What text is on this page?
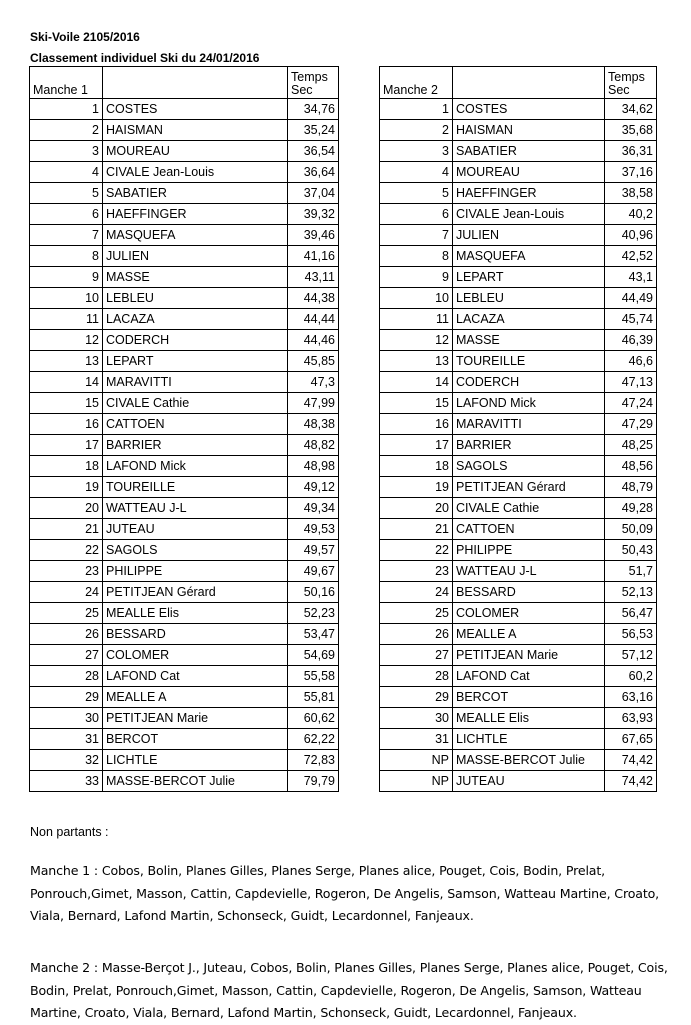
Ski-Voile 2105/2016
Classement individuel Ski du 24/01/2016
Manche 1		Temps
Sec
1	COSTES	34,76
2	HAISMAN	35,24
3	MOUREAU	36,54
4	CIVALE Jean-Louis	36,64
5	SABATIER	37,04
6	HAEFFINGER	39,32
7	MASQUEFA	39,46
8	JULIEN	41,16
9	MASSE	43,11
10	LEBLEU	44,38
11	LACAZA	44,44
12	CODERCH	44,46
13	LEPART	45,85
14	MARAVITTI	47,3
15	CIVALE Cathie	47,99
16	CATTOEN	48,38
17	BARRIER	48,82
18	LAFOND Mick	48,98
19	TOUREILLE	49,12
20	WATTEAU J-L	49,34
21	JUTEAU	49,53
22	SAGOLS	49,57
23	PHILIPPE	49,67
24	PETITJEAN Gérard	50,16
25	MEALLE Elis	52,23
26	BESSARD	53,47
27	COLOMER	54,69
28	LAFOND Cat	55,58
29	MEALLE A	55,81
30	PETITJEAN Marie	60,62
31	BERCOT	62,22
32	LICHTLE	72,83
33	MASSE-BERCOT Julie	79,79
Manche 2		Temps
Sec
1	COSTES	34,62
2	HAISMAN	35,68
3	SABATIER	36,31
4	MOUREAU	37,16
5	HAEFFINGER	38,58
6	CIVALE Jean-Louis	40,2
7	JULIEN	40,96
8	MASQUEFA	42,52
9	LEPART	43,1
10	LEBLEU	44,49
11	LACAZA	45,74
12	MASSE	46,39
13	TOUREILLE	46,6
14	CODERCH	47,13
15	LAFOND Mick	47,24
16	MARAVITTI	47,29
17	BARRIER	48,25
18	SAGOLS	48,56
19	PETITJEAN Gérard	48,79
20	CIVALE Cathie	49,28
21	CATTOEN	50,09
22	PHILIPPE	50,43
23	WATTEAU J-L	51,7
24	BESSARD	52,13
25	COLOMER	56,47
26	MEALLE A	56,53
27	PETITJEAN Marie	57,12
28	LAFOND Cat	60,2
29	BERCOT	63,16
30	MEALLE Elis	63,93
31	LICHTLE	67,65
NP	MASSE-BERCOT Julie	74,42
NP	JUTEAU	74,42
Non partants :
Manche 1 : Cobos, Bolin, Planes Gilles, Planes Serge, Planes alice, Pouget, Cois, Bodin, Prelat, Ponrouch,Gimet, Masson, Cattin, Capdevielle, Rogeron, De Angelis, Samson, Watteau Martine, Croato, Viala, Bernard, Lafond Martin, Schonseck, Guidt, Lecardonnel, Fanjeaux.
Manche 2 : Masse-Berçot J., Juteau, Cobos, Bolin, Planes Gilles, Planes Serge, Planes alice, Pouget, Cois, Bodin, Prelat, Ponrouch,Gimet, Masson, Cattin, Capdevielle, Rogeron, De Angelis, Samson, Watteau Martine, Croato, Viala, Bernard, Lafond Martin, Schonseck, Guidt, Lecardonnel, Fanjeaux.
